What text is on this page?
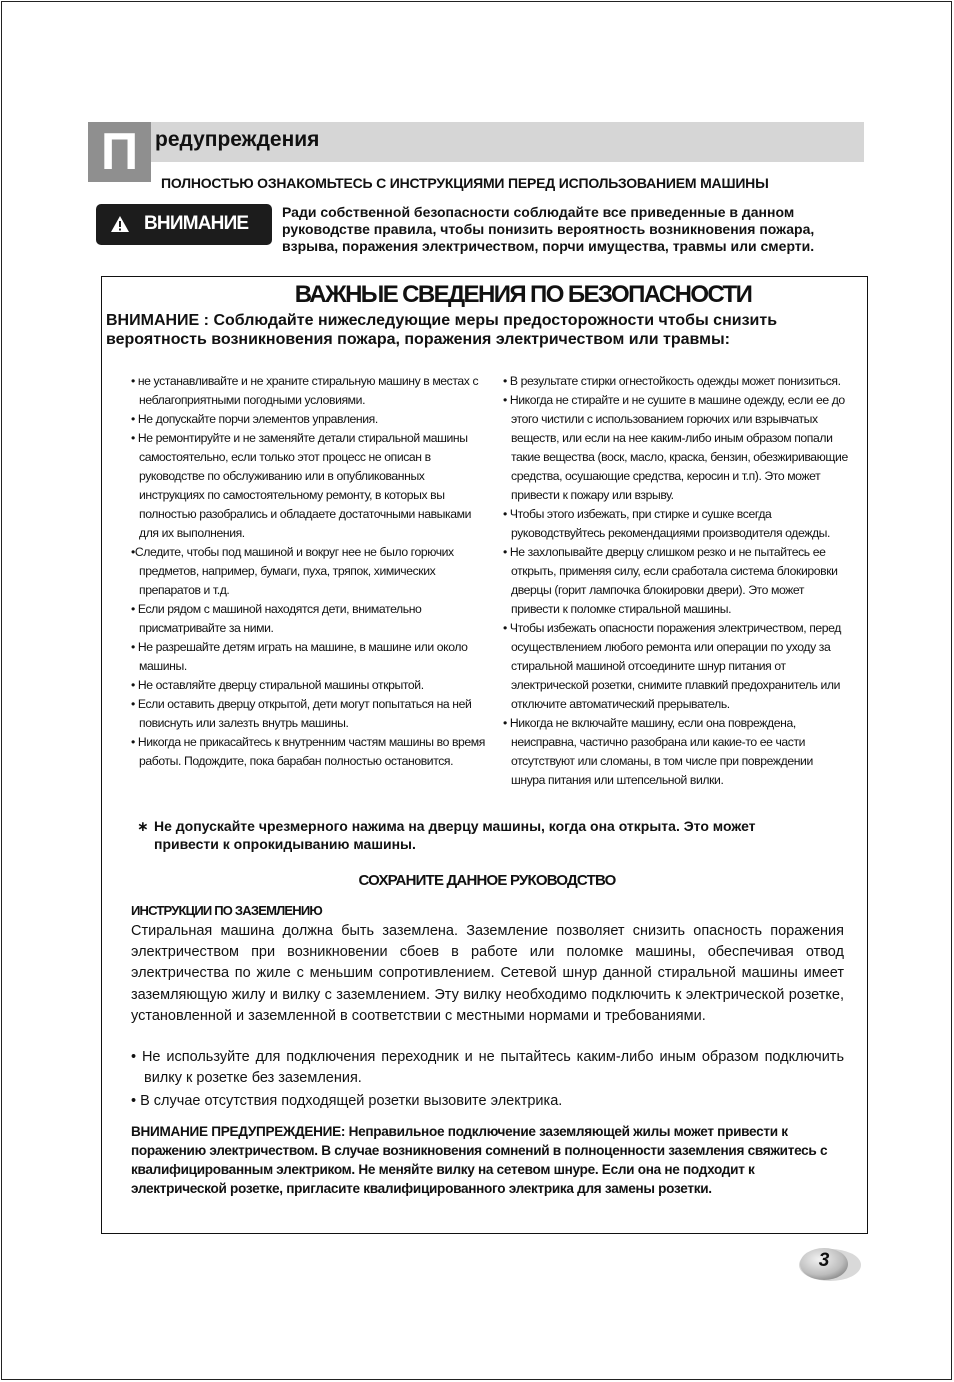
П редупреждения
ПОЛНОСТЬЮ ОЗНАКОМЬТЕСЬ С ИНСТРУКЦИЯМИ ПЕРЕД ИСПОЛЬЗОВАНИЕМ МАШИНЫ
ВНИМАНИЕ
Ради собственной безопасности соблюдайте все приведенные в данном руководстве правила, чтобы понизить вероятность возникновения пожара, взрыва, поражения электричеством, порчи имущества, травмы или смерти.
ВАЖНЫЕ СВЕДЕНИЯ ПО БЕЗОПАСНОСТИ
ВНИМАНИЕ : Соблюдайте нижеследующие меры предосторожности чтобы снизить вероятность возникновения пожара, поражения электричеством или травмы:

• не устанавливайте и не храните стиральную машину в местах с неблагоприятными погодными условиями.

• Не допускайте порчи элементов управления.

• Не ремонтируйте и не заменяйте детали стиральной машины самостоятельно, если только этот процесс не описан в руководстве по обслуживанию или в опубликованных инструкциях по самостоятельному ремонту, в которых вы полностью разобрались и обладаете достаточными навыками для их выполнения.

•Следите, чтобы под машиной и вокруг нее не было горючих предметов, например, бумаги, пуха, тряпок, химических препаратов и т.д.

• Если рядом с машиной находятся дети, внимательно присматривайте за ними.

• Не разрешайте детям играть на машине, в машине или около машины.

• Не оставляйте дверцу стиральной машины открытой.

• Если оставить дверцу открытой, дети могут попытаться на ней повиснуть или залезть внутрь машины.

• Никогда не прикасайтесь к внутренним частям машины во время работы. Подождите, пока барабан полностью остановится.

• В результате стирки огнестойкость одежды может понизиться.

• Никогда не стирайте и не сушите в машине одежду, если ее до этого чистили с использованием горючих или взрывчатых веществ, или если на нее каким-либо иным образом попали такие вещества (воск, масло, краска, бензин, обезжиривающие средства, осушающие средства, керосин и т.п). Это может привести к пожару или взрыву.

• Чтобы этого избежать, при стирке и сушке всегда руководствуйтесь рекомендациями производителя одежды.

• Не захлопывайте дверцу слишком резко и не пытайтесь ее открыть, применяя силу, если сработала система блокировки дверцы (горит лампочка блокировки двери). Это может привести к поломке стиральной машины.

• Чтобы избежать опасности поражения электричеством, перед осуществлением любого ремонта или операции по уходу за стиральной машиной отсоедините шнур питания от электрической розетки, снимите плавкий предохранитель или отключите автоматический прерыватель.

• Никогда не включайте машину, если она повреждена, неисправна, частично разобрана или какие-то ее части отсутствуют или сломаны, в том числе при повреждении шнура питания или штепсельной вилки.

∗ Не допускайте чрезмерного нажима на дверцу машины, когда она открыта. Это может привести к опрокидыванию машины.
СОХРАНИТЕ ДАННОЕ РУКОВОДСТВО
ИНСТРУКЦИИ ПО ЗАЗЕМЛЕНИЮ
Стиральная машина должна быть заземлена. Заземление позволяет снизить опасность поражения электричеством при возникновении сбоев в работе или поломке машины, обеспечивая отвод электричества по жиле с меньшим сопротивлением. Сетевой шнур данной стиральной машины имеет заземляющую жилу и вилку с заземлением. Эту вилку необходимо подключить к электрической розетке, установленной и заземленной в соответствии с местными нормами и требованиями.

• Не используйте для подключения переходник и не пытайтесь каким-либо иным образом подключить вилку к розетке без заземления.

• В случае отсутствия подходящей розетки вызовите электрика.

ВНИМАНИЕ ПРЕДУПРЕЖДЕНИЕ: Неправильное подключение заземляющей жилы может привести к поражению электричеством. В случае возникновения сомнений в полноценности заземления свяжитесь с квалифицированным электриком. Не меняйте вилку на сетевом шнуре. Если она не подходит к электрической розетке, пригласите квалифицированного электрика для замены розетки.
3
